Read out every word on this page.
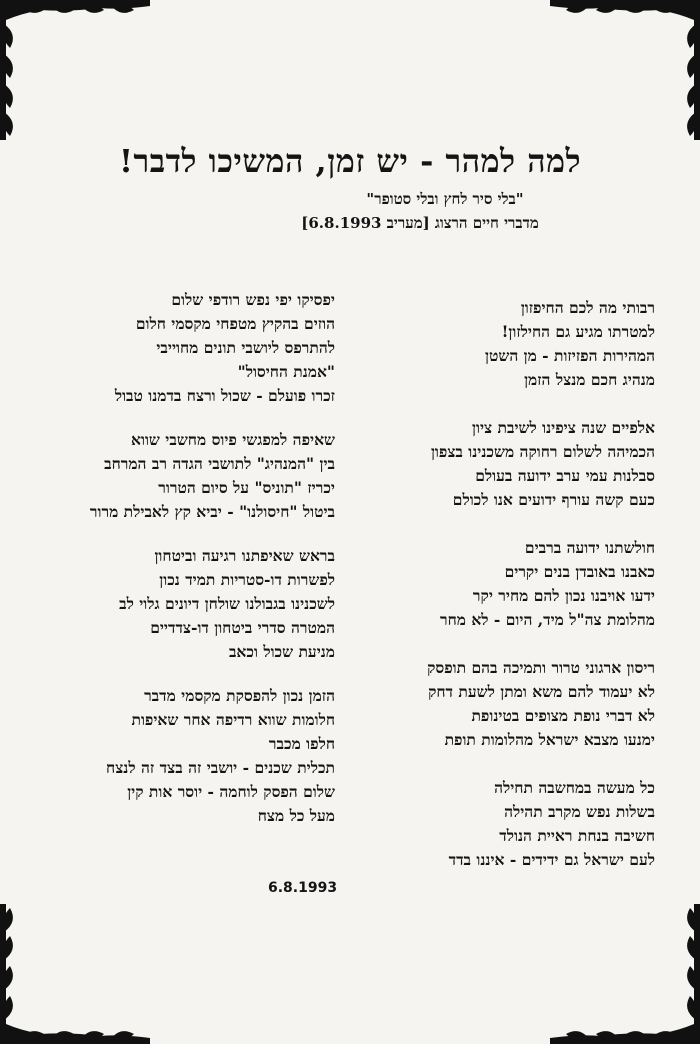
למה למהר - יש זמן, המשיכו לדבר!
"בלי סיר לחץ ובלי סטופר"
מדברי חיים הרצוג [מעריב 6.8.1993]
רבותי מה לכם החיפזון
למטרתו מגיע גם החילזון!
המהירות הפזיזות - מן השטן
מנהיג חכם מנצל הזמן
אלפיים שנה ציפינו לשיבת ציון
הכמיהה לשלום רחוקה משכנינו בצפון
סבלנות עמי ערב ידועה בעולם
כעם קשה עורף ידועים אנו לכולם
חולשתנו ידועה ברבים
כאבנו באובדן בנים יקרים
ידעו אויבנו נכון להם מחיר יקר
מהלומת צה"ל מיד, היום - לא מחר
ריסון ארגוני טרור ותמיכה בהם תופסק
לא יעמוד להם משא ומתן לשעת דחק
לא דברי נופת מצופים בטינופת
ימנעו מצבא ישראל מהלומות תופת
כל מעשה במחשבה תחילה
בשלות נפש מקרב תהילה
חשיבה בנחת ראיית הנולד
לעם ישראל גם ידידים - איננו בדד
יפסיקו יפי נפש רודפי שלום
הוזים בהקיץ מטפחי מקסמי חלום
להתרפס ליושבי תונים מחוייבי
"אמנת החיסול"
זכרו פועלם - שכול ורצח בדמנו טבול
שאיפה למפגשי פיוס מחשבי שווא
בין "המנהיג" לתושבי הגדה רב המרחב
יכריז "תוניס" על סיום הטרור
ביטול "חיסולנו" - יביא קץ לאבילת מרור
בראש שאיפתנו רגיעה וביטחון
לפשרות דו-סטריות תמיד נכון
לשכנינו בגבולנו שולחן דיונים גלוי לב
המטרה סדרי ביטחון דו-צדדיים
מניעת שכול וכאב
הזמן נכון להפסקת מקסמי מדבר
חלומות שווא רדיפה אחר שאיפות
חלפו מכבר
תכלית שכנים - יושבי זה בצד זה לנצח
שלום הפסק לוחמה - יוסר אות קין
מעל כל מצח
6.8.1993
